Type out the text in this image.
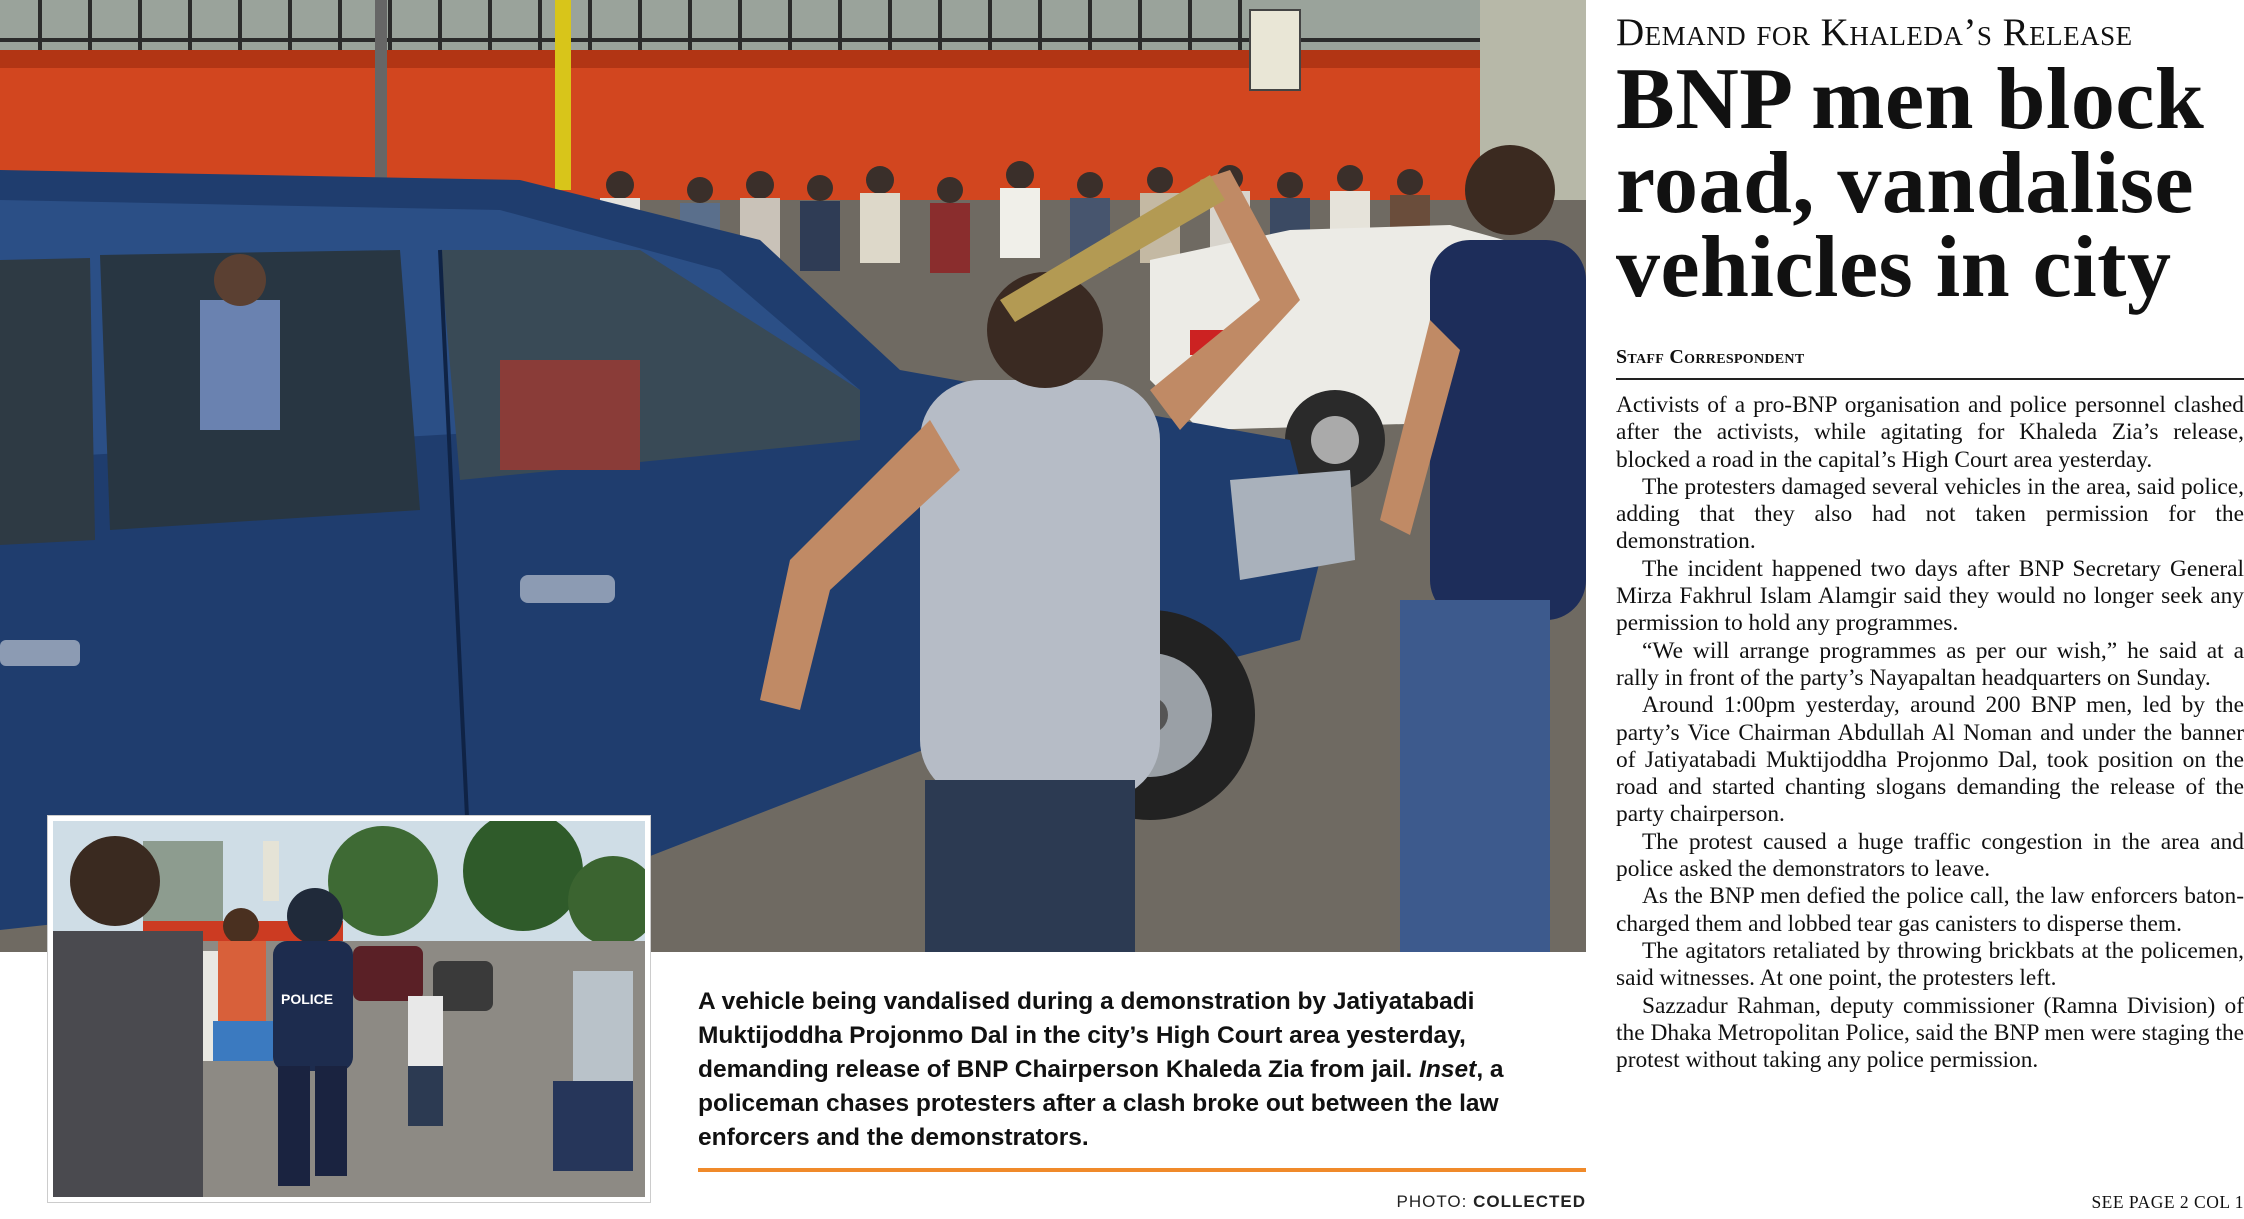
POLICE	A vehicle being vandalised during a demonstration by Jatiyatabadi Muktijoddha Projonmo Dal in the city’s High Court area yesterday, demanding release of BNP Chairperson Khaleda Zia from jail. Inset, a policeman chases protesters after a clash broke out between the law enforcers and the demonstrators.
PHOTO: COLLECTED
Demand for Khaleda’s Release
BNP men block road, vandalise vehicles in city
Staff Correspondent

Activists of a pro-BNP organisation and police personnel clashed after the activists, while agitating for Khaleda Zia’s release, blocked a road in the capital’s High Court area yesterday.

The protesters damaged several vehicles in the area, said police, adding that they also had not taken permission for the demonstration.

The incident happened two days after BNP Secretary General Mirza Fakhrul Islam Alamgir said they would no longer seek any permission to hold any programmes.

“We will arrange programmes as per our wish,” he said at a rally in front of the party’s Nayapaltan headquarters on Sunday.

Around 1:00pm yesterday, around 200 BNP men, led by the party’s Vice Chairman Abdullah Al Noman and under the banner of Jatiyatabadi Muktijoddha Projonmo Dal, took position on the road and started chanting slogans demanding the release of the party chairperson.

The protest caused a huge traffic congestion in the area and police asked the demonstrators to leave.

As the BNP men defied the police call, the law enforcers baton-charged them and lobbed tear gas canisters to disperse them.

The agitators retaliated by throwing brickbats at the policemen, said witnesses. At one point, the protesters left.

Sazzadur Rahman, deputy commissioner (Ramna Division) of the Dhaka Metropolitan Police, said the BNP men were staging the protest without taking any police permission.

SEE PAGE 2 COL 1
